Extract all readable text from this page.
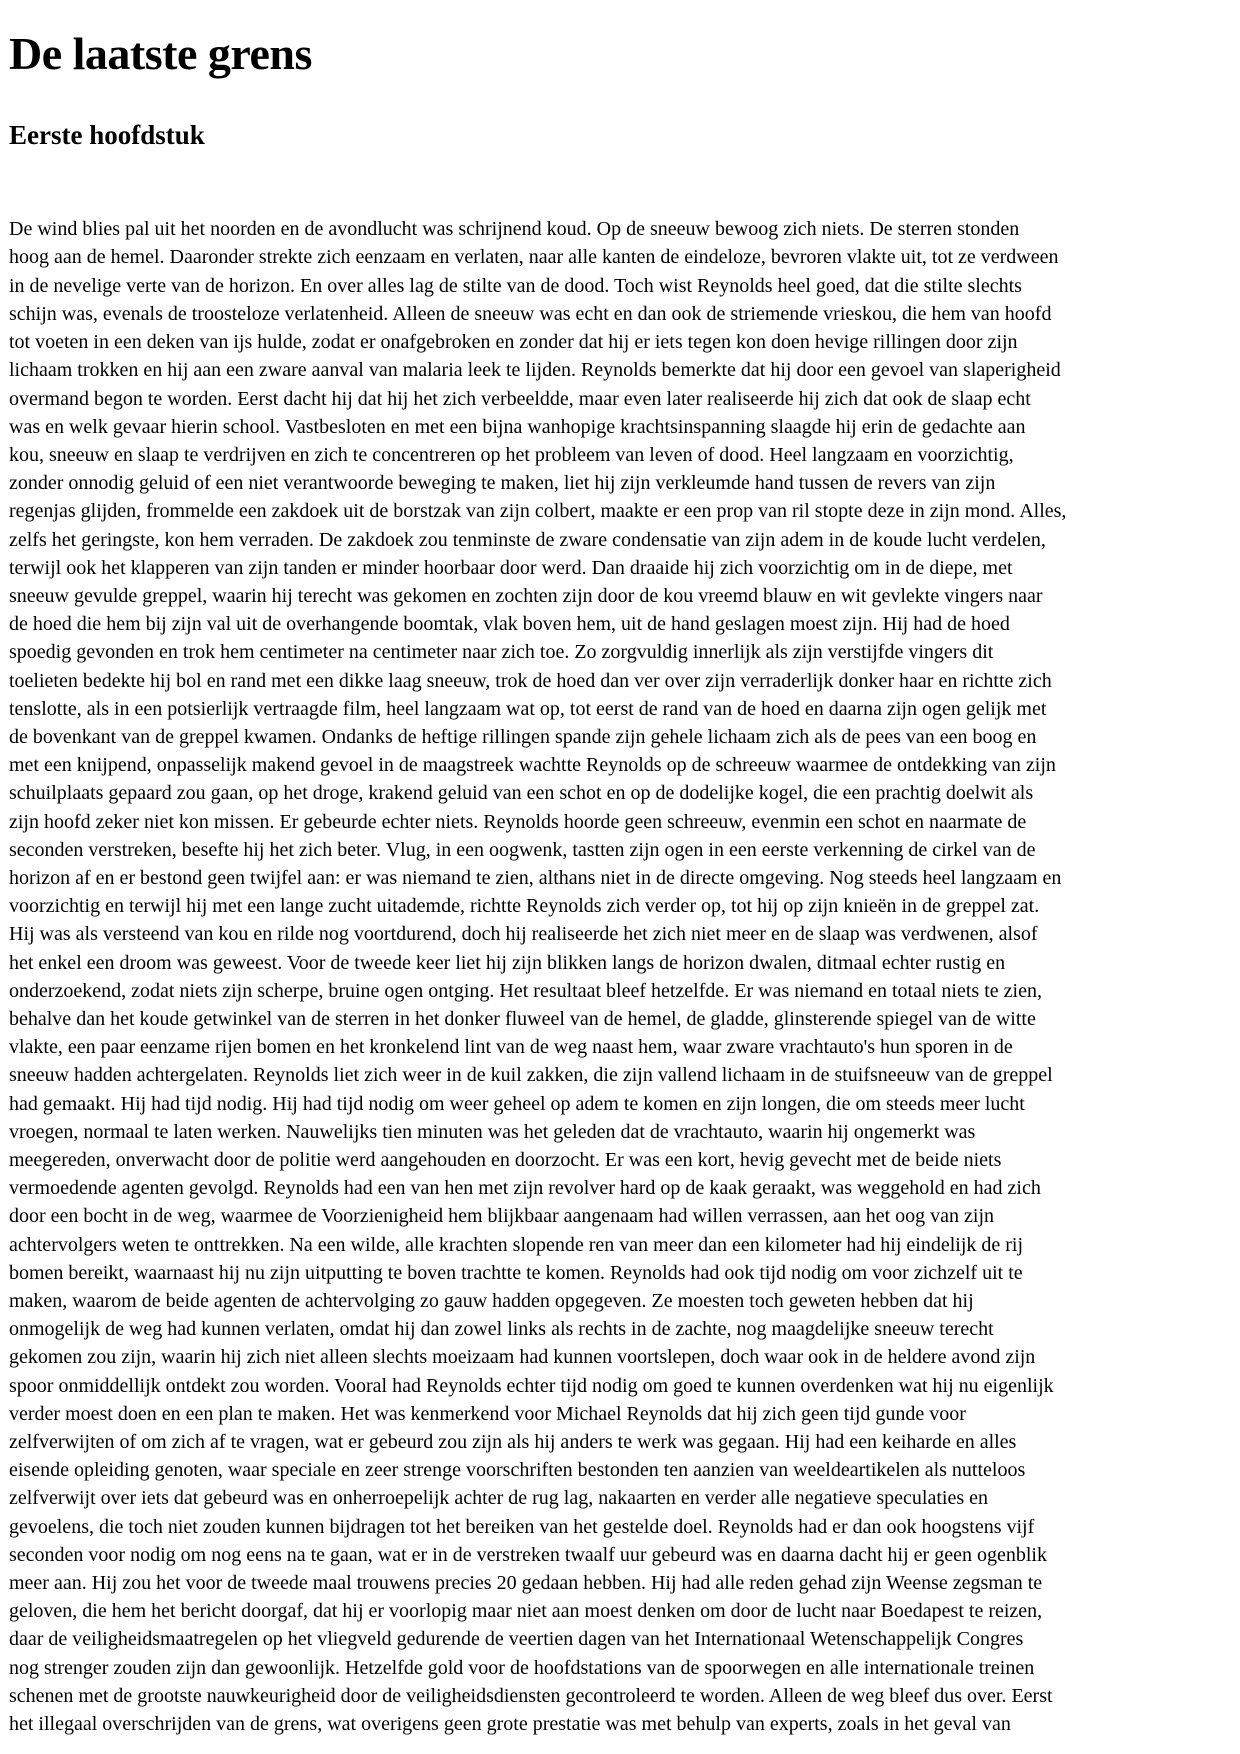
De laatste grens
Eerste hoofdstuk
De wind blies pal uit het noorden en de avondlucht was schrijnend koud. Op de sneeuw bewoog zich niets. De sterren stonden
hoog aan de hemel. Daaronder strekte zich eenzaam en verlaten, naar alle kanten de eindeloze, bevroren vlakte uit, tot ze verdween
in de nevelige verte van de horizon. En over alles lag de stilte van de dood. Toch wist Reynolds heel goed, dat die stilte slechts
schijn was, evenals de troosteloze verlatenheid. Alleen de sneeuw was echt en dan ook de striemende vrieskou, die hem van hoofd
tot voeten in een deken van ijs hulde, zodat er onafgebroken en zonder dat hij er iets tegen kon doen hevige rillingen door zijn
lichaam trokken en hij aan een zware aanval van malaria leek te lijden. Reynolds bemerkte dat hij door een gevoel van slaperigheid
overmand begon te worden. Eerst dacht hij dat hij het zich verbeeldde, maar even later realiseerde hij zich dat ook de slaap echt
was en welk gevaar hierin school. Vastbesloten en met een bijna wanhopige krachtsinspanning slaagde hij erin de gedachte aan
kou, sneeuw en slaap te verdrijven en zich te concentreren op het probleem van leven of dood. Heel langzaam en voorzichtig,
zonder onnodig geluid of een niet verantwoorde beweging te maken, liet hij zijn verkleumde hand tussen de revers van zijn
regenjas glijden, frommelde een zakdoek uit de borstzak van zijn colbert, maakte er een prop van ril stopte deze in zijn mond. Alles,
zelfs het geringste, kon hem verraden. De zakdoek zou tenminste de zware condensatie van zijn adem in de koude lucht verdelen,
terwijl ook het klapperen van zijn tanden er minder hoorbaar door werd. Dan draaide hij zich voorzichtig om in de diepe, met
sneeuw gevulde greppel, waarin hij terecht was gekomen en zochten zijn door de kou vreemd blauw en wit gevlekte vingers naar
de hoed die hem bij zijn val uit de overhangende boomtak, vlak boven hem, uit de hand geslagen moest zijn. Hij had de hoed
spoedig gevonden en trok hem centimeter na centimeter naar zich toe. Zo zorgvuldig innerlijk als zijn verstijfde vingers dit
toelieten bedekte hij bol en rand met een dikke laag sneeuw, trok de hoed dan ver over zijn verraderlijk donker haar en richtte zich
tenslotte, als in een potsierlijk vertraagde film, heel langzaam wat op, tot eerst de rand van de hoed en daarna zijn ogen gelijk met
de bovenkant van de greppel kwamen. Ondanks de heftige rillingen spande zijn gehele lichaam zich als de pees van een boog en
met een knijpend, onpasselijk makend gevoel in de maagstreek wachtte Reynolds op de schreeuw waarmee de ontdekking van zijn
schuilplaats gepaard zou gaan, op het droge, krakend geluid van een schot en op de dodelijke kogel, die een prachtig doelwit als
zijn hoofd zeker niet kon missen. Er gebeurde echter niets. Reynolds hoorde geen schreeuw, evenmin een schot en naarmate de
seconden verstreken, besefte hij het zich beter. Vlug, in een oogwenk, tastten zijn ogen in een eerste verkenning de cirkel van de
horizon af en er bestond geen twijfel aan: er was niemand te zien, althans niet in de directe omgeving. Nog steeds heel langzaam en
voorzichtig en terwijl hij met een lange zucht uitademde, richtte Reynolds zich verder op, tot hij op zijn knieën in de greppel zat.
Hij was als versteend van kou en rilde nog voortdurend, doch hij realiseerde het zich niet meer en de slaap was verdwenen, alsof
het enkel een droom was geweest. Voor de tweede keer liet hij zijn blikken langs de horizon dwalen, ditmaal echter rustig en
onderzoekend, zodat niets zijn scherpe, bruine ogen ontging. Het resultaat bleef hetzelfde. Er was niemand en totaal niets te zien,
behalve dan het koude getwinkel van de sterren in het donker fluweel van de hemel, de gladde, glinsterende spiegel van de witte
vlakte, een paar eenzame rijen bomen en het kronkelend lint van de weg naast hem, waar zware vrachtauto's hun sporen in de
sneeuw hadden achtergelaten. Reynolds liet zich weer in de kuil zakken, die zijn vallend lichaam in de stuifsneeuw van de greppel
had gemaakt. Hij had tijd nodig. Hij had tijd nodig om weer geheel op adem te komen en zijn longen, die om steeds meer lucht
vroegen, normaal te laten werken. Nauwelijks tien minuten was het geleden dat de vrachtauto, waarin hij ongemerkt was
meegereden, onverwacht door de politie werd aangehouden en doorzocht. Er was een kort, hevig gevecht met de beide niets
vermoedende agenten gevolgd. Reynolds had een van hen met zijn revolver hard op de kaak geraakt, was weggehold en had zich
door een bocht in de weg, waarmee de Voorzienigheid hem blijkbaar aangenaam had willen verrassen, aan het oog van zijn
achtervolgers weten te onttrekken. Na een wilde, alle krachten slopende ren van meer dan een kilometer had hij eindelijk de rij
bomen bereikt, waarnaast hij nu zijn uitputting te boven trachtte te komen. Reynolds had ook tijd nodig om voor zichzelf uit te
maken, waarom de beide agenten de achtervolging zo gauw hadden opgegeven. Ze moesten toch geweten hebben dat hij
onmogelijk de weg had kunnen verlaten, omdat hij dan zowel links als rechts in de zachte, nog maagdelijke sneeuw terecht
gekomen zou zijn, waarin hij zich niet alleen slechts moeizaam had kunnen voortslepen, doch waar ook in de heldere avond zijn
spoor onmiddellijk ontdekt zou worden. Vooral had Reynolds echter tijd nodig om goed te kunnen overdenken wat hij nu eigenlijk
verder moest doen en een plan te maken. Het was kenmerkend voor Michael Reynolds dat hij zich geen tijd gunde voor
zelfverwijten of om zich af te vragen, wat er gebeurd zou zijn als hij anders te werk was gegaan. Hij had een keiharde en alles
eisende opleiding genoten, waar speciale en zeer strenge voorschriften bestonden ten aanzien van weeldeartikelen als nutteloos
zelfverwijt over iets dat gebeurd was en onherroepelijk achter de rug lag, nakaarten en verder alle negatieve speculaties en
gevoelens, die toch niet zouden kunnen bijdragen tot het bereiken van het gestelde doel. Reynolds had er dan ook hoogstens vijf
seconden voor nodig om nog eens na te gaan, wat er in de verstreken twaalf uur gebeurd was en daarna dacht hij er geen ogenblik
meer aan. Hij zou het voor de tweede maal trouwens precies 20 gedaan hebben. Hij had alle reden gehad zijn Weense zegsman te
geloven, die hem het bericht doorgaf, dat hij er voorlopig maar niet aan moest denken om door de lucht naar Boedapest te reizen,
daar de veiligheidsmaatregelen op het vliegveld gedurende de veertien dagen van het Internationaal Wetenschappelijk Congres
nog strenger zouden zijn dan gewoonlijk. Hetzelfde gold voor de hoofdstations van de spoorwegen en alle internationale treinen
schenen met de grootste nauwkeurigheid door de veiligheidsdiensten gecontroleerd te worden. Alleen de weg bleef dus over. Eerst
het illegaal overschrijden van de grens, wat overigens geen grote prestatie was met behulp van experts, zoals in het geval van
